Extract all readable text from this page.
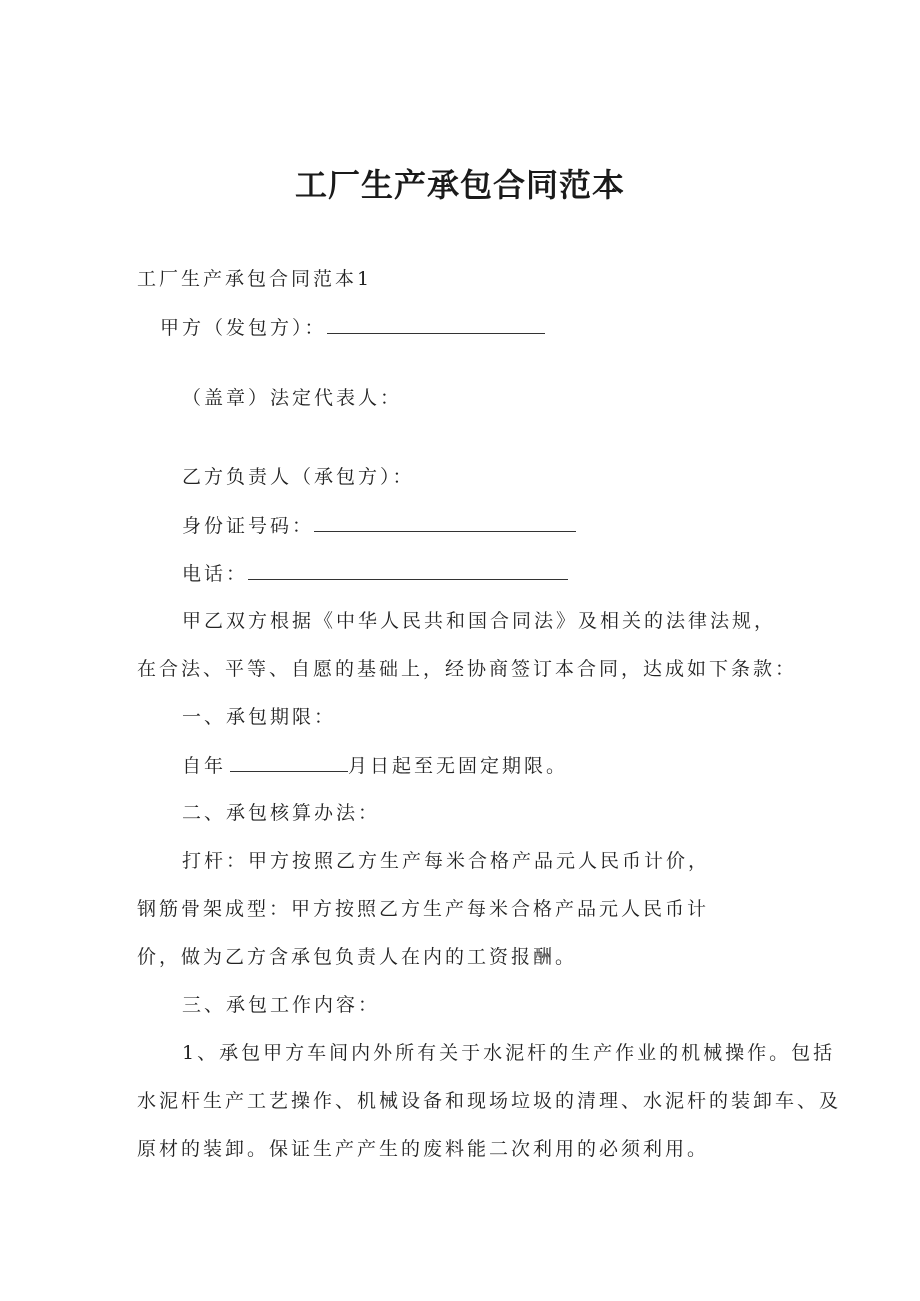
工厂生产承包合同范本
工厂生产承包合同范本1
甲方（发包方）：
（盖章）法定代表人：
乙方负责人（承包方）：
身份证号码：
电话：
甲乙双方根据《中华人民共和国合同法》及相关的法律法规，
在合法、平等、自愿的基础上，经协商签订本合同，达成如下条款：
一、承包期限：
自年	月日起至无固定期限。
二、承包核算办法：
打杆：甲方按照乙方生产每米合格产品元人民币计价，
钢筋骨架成型：甲方按照乙方生产每米合格产品元人民币计
价，做为乙方含承包负责人在内的工资报酬。
三、承包工作内容：
1、承包甲方车间内外所有关于水泥杆的生产作业的机械操作。包括
水泥杆生产工艺操作、机械设备和现场垃圾的清理、水泥杆的装卸车、及
原材的装卸。保证生产产生的废料能二次利用的必须利用。
